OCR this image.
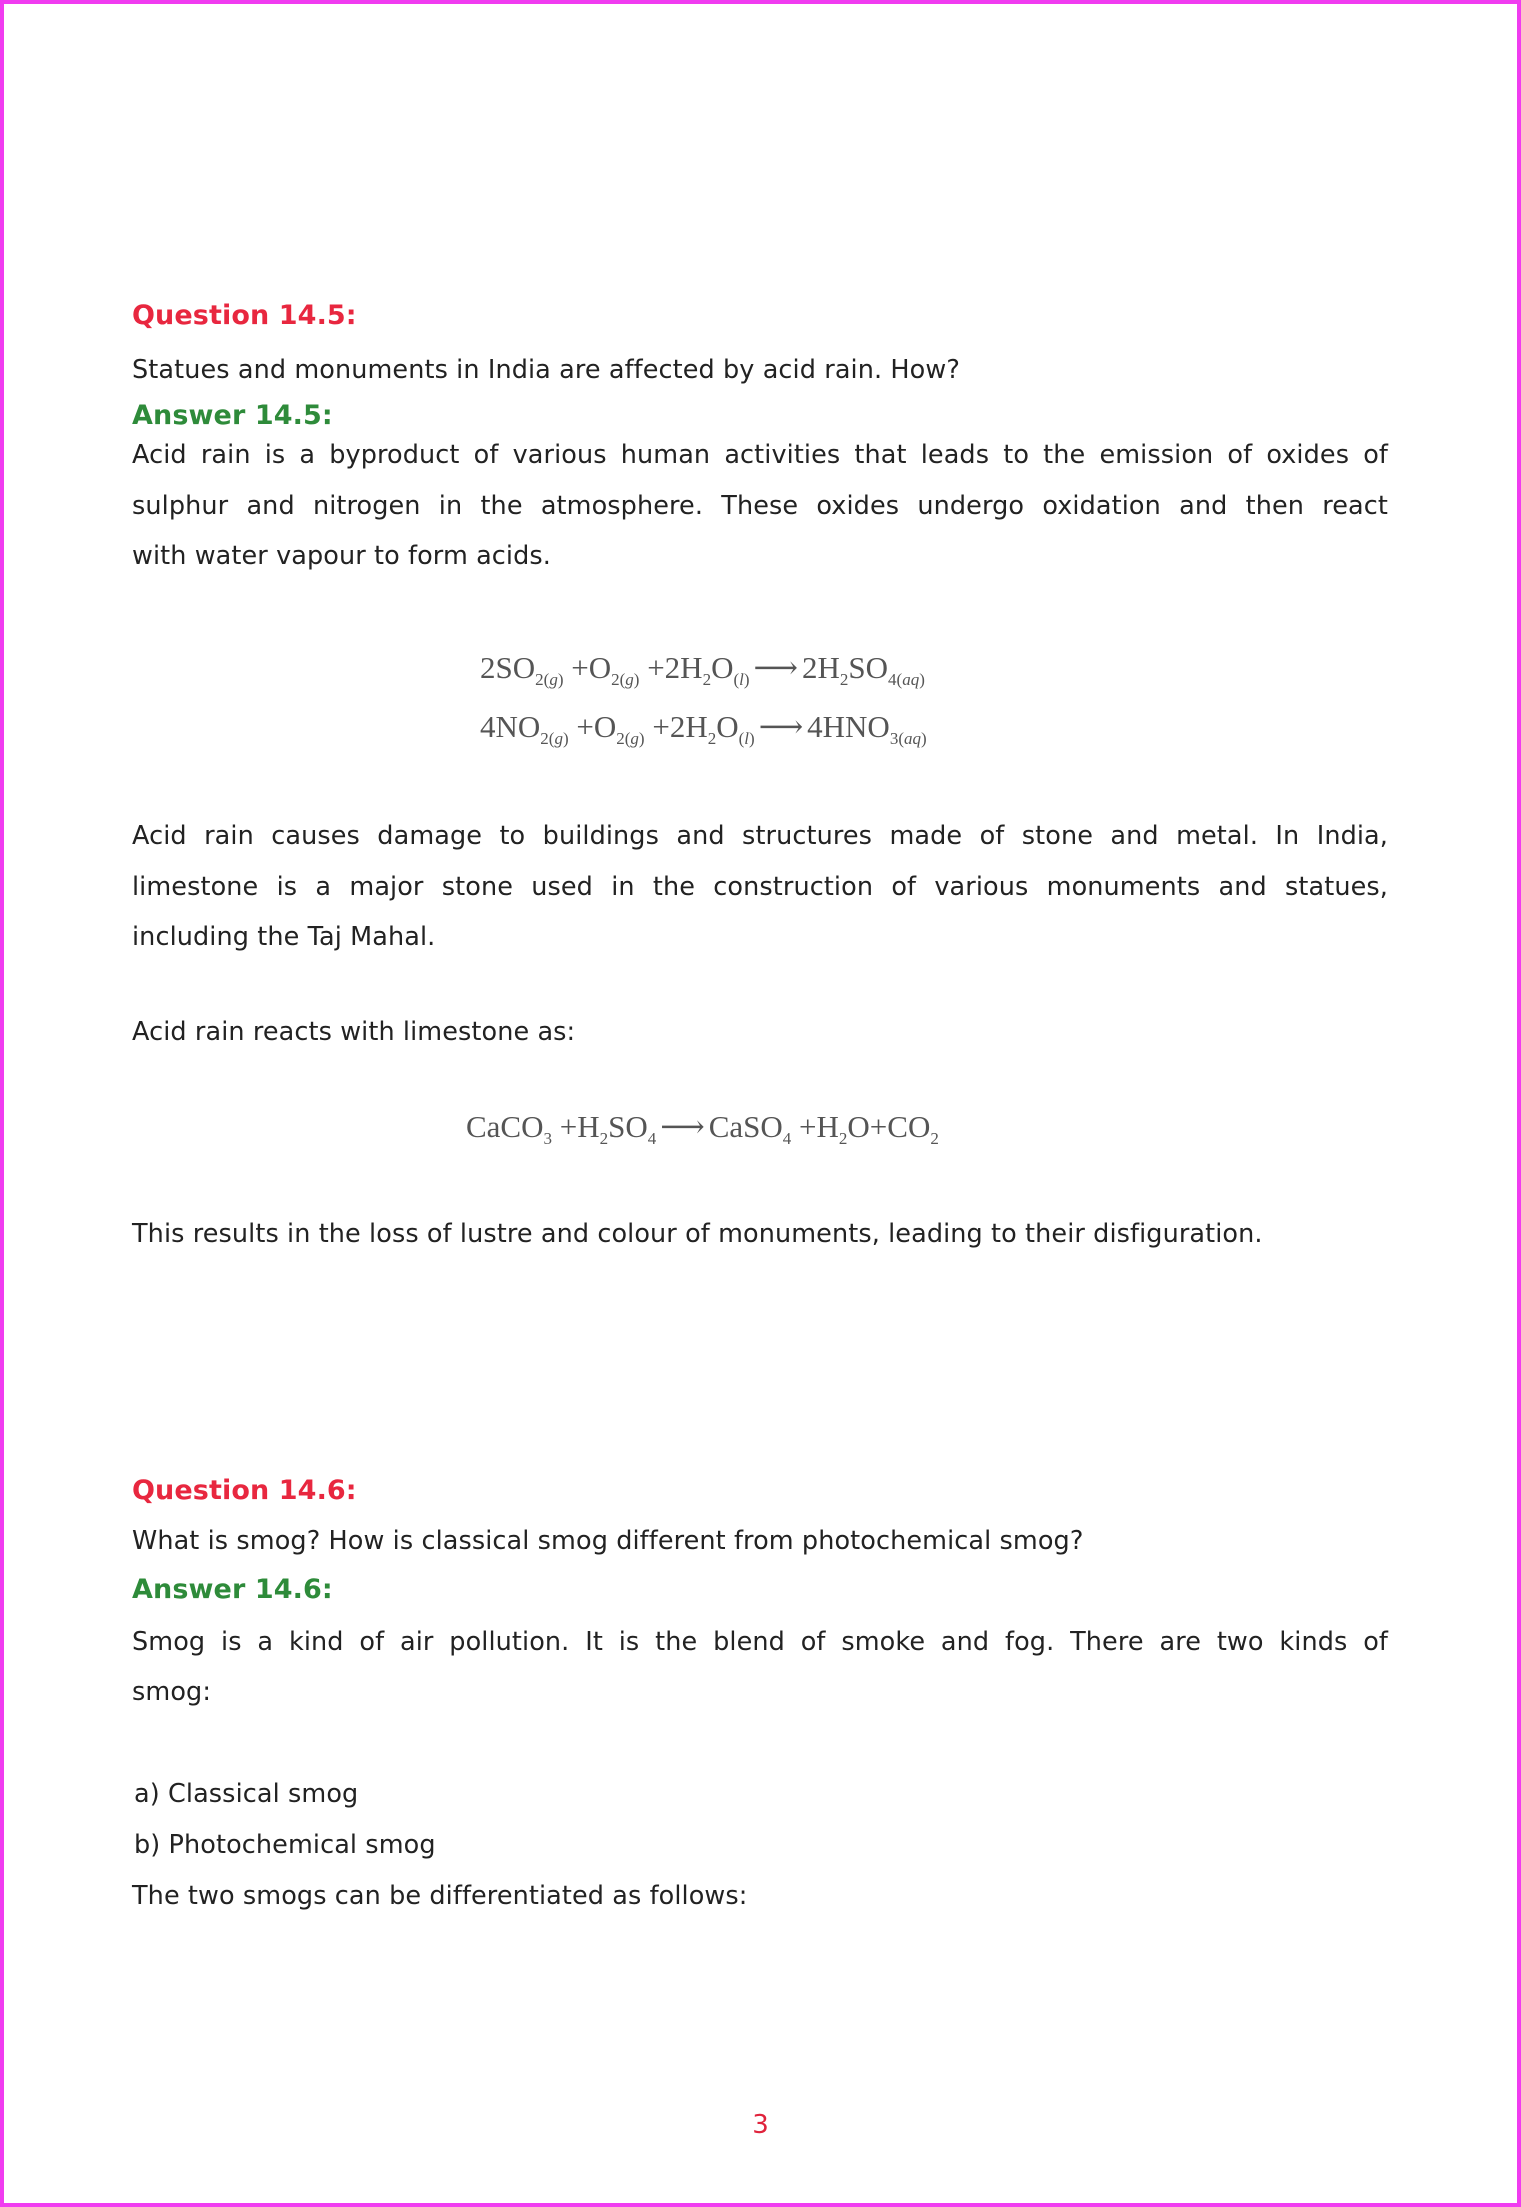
Question 14.5:

Statues and monuments in India are affected by acid rain. How?

Answer 14.5:

Acid rain is a byproduct of various human activities that leads to the emission of oxides of

sulphur and nitrogen in the atmosphere. These oxides undergo oxidation and then react

with water vapour to form acids.

$2SO_{2(g)} +O_{2(g)} +2H_2O_{(l)}$ ⟶ $2H_2SO_{4(aq)}$
$4NO_{2(g)} +O_{2(g)} +2H_2O_{(l)}$ ⟶ $4HNO_{3(aq)}$

Acid rain causes damage to buildings and structures made of stone and metal. In India,

limestone is a major stone used in the construction of various monuments and statues,

including the Taj Mahal.

Acid rain reacts with limestone as:

CaCO$_3$ $+H_2SO_4$ ⟶ CaSO$_4$ $+H_2O+CO_2$

This results in the loss of lustre and colour of monuments, leading to their disfiguration.

Question 14.6:

What is smog? How is classical smog different from photochemical smog?

Answer 14.6:

Smog is a kind of air pollution. It is the blend of smoke and fog. There are two kinds of

smog:

a) Classical smog

b) Photochemical smog

The two smogs can be differentiated as follows:

3
